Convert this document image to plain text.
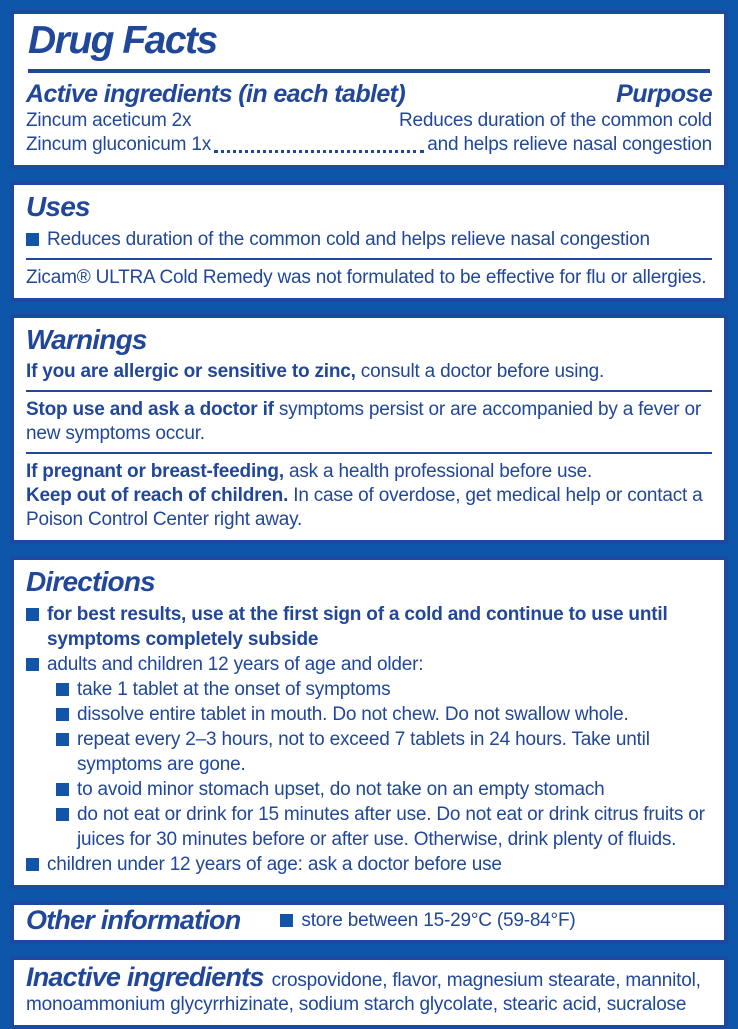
Drug Facts
Active ingredients (in each tablet)	Purpose
Zincum aceticum 2x	Reduces duration of the common cold
Zincum gluconicum 1x	and helps relieve nasal congestion
Uses
Reduces duration of the common cold and helps relieve nasal congestion

Zicam® ULTRA Cold Remedy was not formulated to be effective for flu or allergies.

Warnings

If you are allergic or sensitive to zinc, consult a doctor before using.

Stop use and ask a doctor if symptoms persist or are accompanied by a fever or new symptoms occur.

If pregnant or breast-feeding, ask a health professional before use.

Keep out of reach of children. In case of overdose, get medical help or contact a Poison Control Center right away.

Directions
for best results, use at the first sign of a cold and continue to use until symptoms completely subside
adults and children 12 years of age and older:
take 1 tablet at the onset of symptoms
dissolve entire tablet in mouth. Do not chew. Do not swallow whole.
repeat every 2–3 hours, not to exceed 7 tablets in 24 hours. Take until symptoms are gone.
to avoid minor stomach upset, do not take on an empty stomach
do not eat or drink for 15 minutes after use. Do not eat or drink citrus fruits or juices for 30 minutes before or after use. Otherwise, drink plenty of fluids.
children under 12 years of age: ask a doctor before use
Other information	store between 15-29°C (59-84°F)

Inactive ingredients crospovidone, flavor, magnesium stearate, mannitol, monoammonium glycyrrhizinate, sodium starch glycolate, stearic acid, sucralose
